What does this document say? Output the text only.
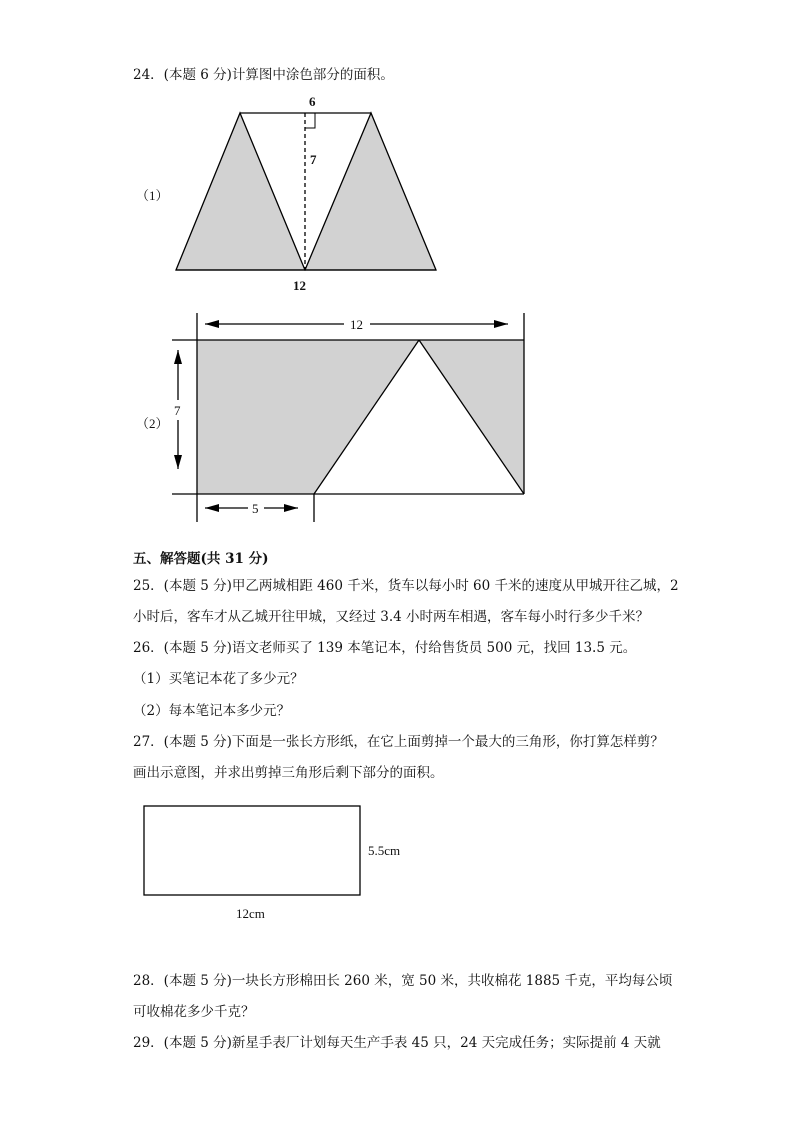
24．(本题 6 分)计算图中涂色部分的面积。
6
7
12
（1）
12
7
5
（2）
5.5cm
12cm
五、解答题(共 31 分)
25．(本题 5 分)甲乙两城相距 460 千米，货车以每小时 60 千米的速度从甲城开往乙城，2
小时后，客车才从乙城开往甲城，又经过 3.4 小时两车相遇，客车每小时行多少千米？
26．(本题 5 分)语文老师买了 139 本笔记本，付给售货员 500 元，找回 13.5 元。
（1）买笔记本花了多少元？
（2）每本笔记本多少元？
27．(本题 5 分)下面是一张长方形纸，在它上面剪掉一个最大的三角形，你打算怎样剪？
画出示意图，并求出剪掉三角形后剩下部分的面积。
28．(本题 5 分)一块长方形棉田长 260 米，宽 50 米，共收棉花 1885 千克，平均每公顷
可收棉花多少千克？
29．(本题 5 分)新星手表厂计划每天生产手表 45 只，24 天完成任务；实际提前 4 天就
